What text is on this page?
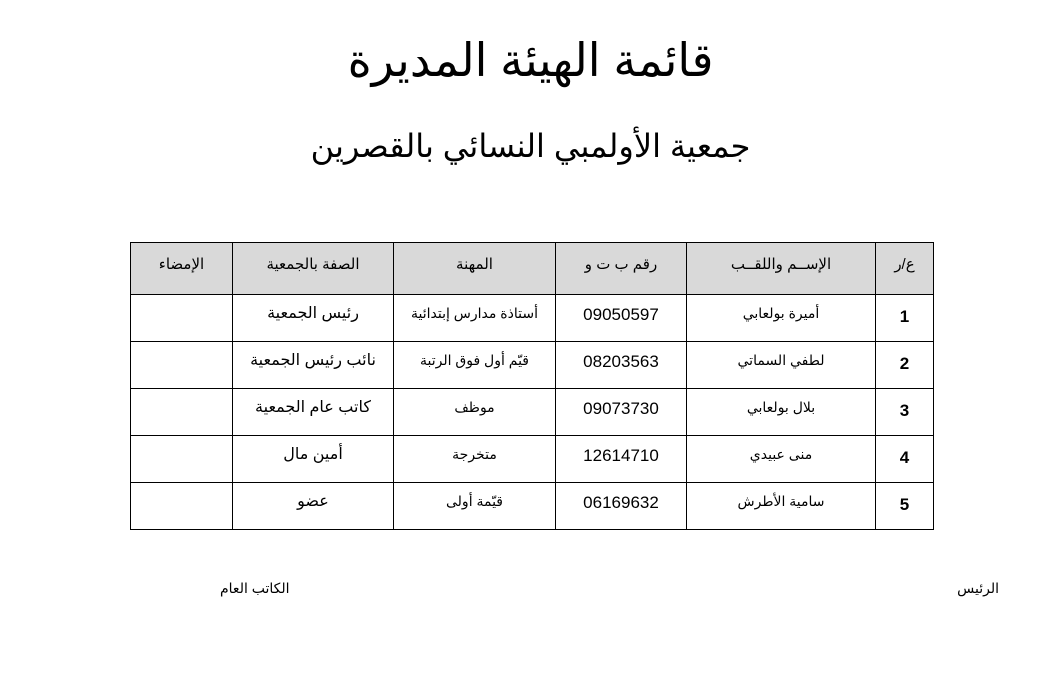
قائمة الهيئة المديرة
جمعية الأولمبي النسائي بالقصرين
ع/ر	الإســم واللقــب	رقم ب ت و	المهنة	الصفة بالجمعية	الإمضاء
1	أميرة بولعابي	09050597	أستاذة مدارس إبتدائية	رئيس الجمعية	
2	لطفي السماتي	08203563	قيّم أول فوق الرتبة	نائب رئيس الجمعية	
3	بلال بولعابي	09073730	موظف	كاتب عام الجمعية	
4	منى عبيدي	12614710	متخرجة	أمين مال	
5	سامية الأطرش	06169632	قيّمة أولى	عضو	
الرئيس
الكاتب العام
